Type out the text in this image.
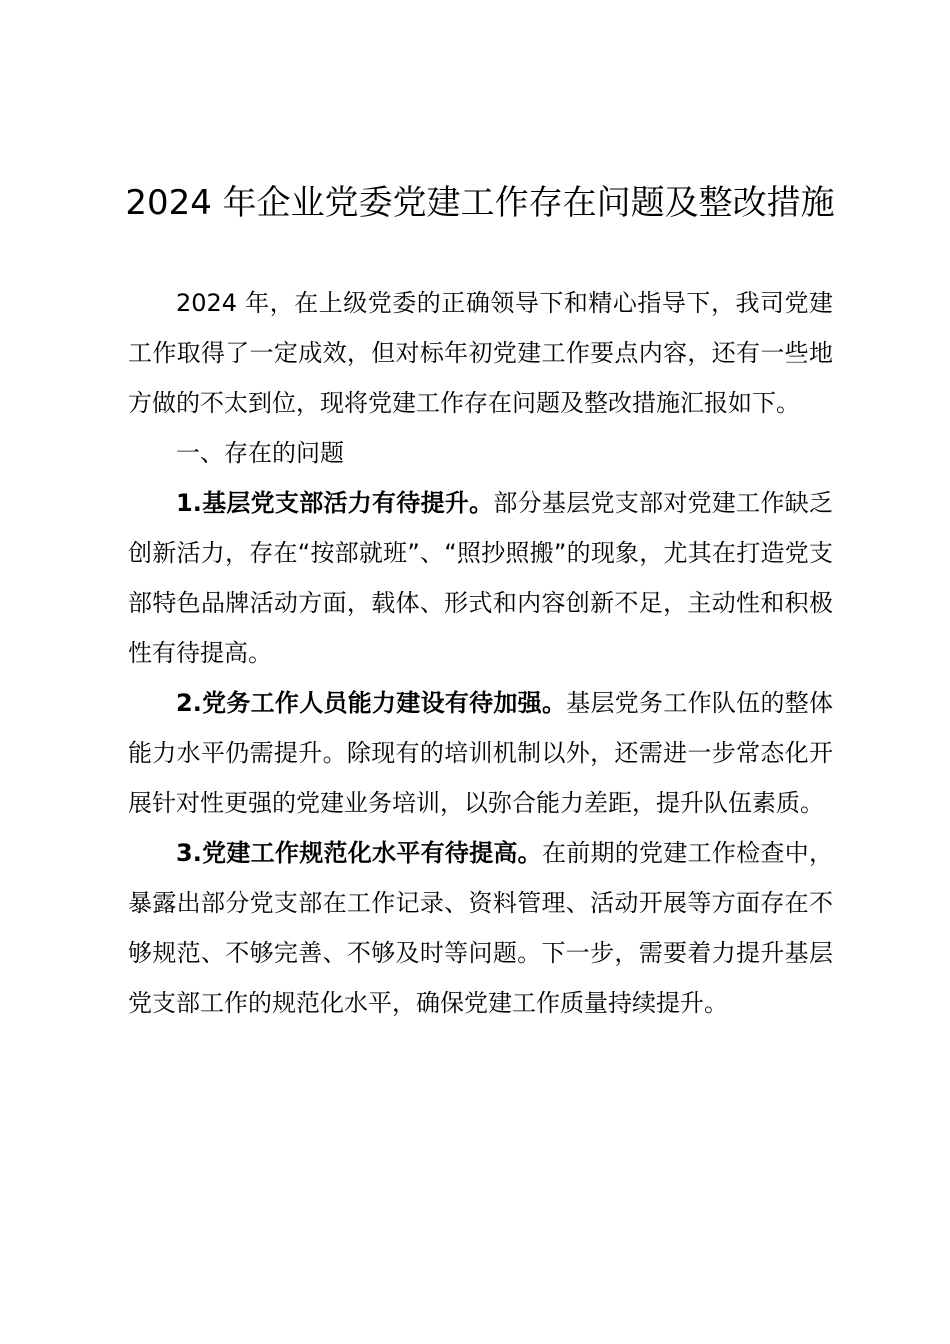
2024 年企业党委党建工作存在问题及整改措施

2024 年，在上级党委的正确领导下和精心指导下，我司党建工作取得了一定成效，但对标年初党建工作要点内容，还有一些地方做的不太到位，现将党建工作存在问题及整改措施汇报如下。

一、存在的问题

1.基层党支部活力有待提升。部分基层党支部对党建工作缺乏创新活力，存在“按部就班”、“照抄照搬”的现象，尤其在打造党支部特色品牌活动方面，载体、形式和内容创新不足，主动性和积极性有待提高。

2.党务工作人员能力建设有待加强。基层党务工作队伍的整体能力水平仍需提升。除现有的培训机制以外，还需进一步常态化开展针对性更强的党建业务培训，以弥合能力差距，提升队伍素质。

3.党建工作规范化水平有待提高。在前期的党建工作检查中，暴露出部分党支部在工作记录、资料管理、活动开展等方面存在不够规范、不够完善、不够及时等问题。下一步，需要着力提升基层党支部工作的规范化水平，确保党建工作质量持续提升。
